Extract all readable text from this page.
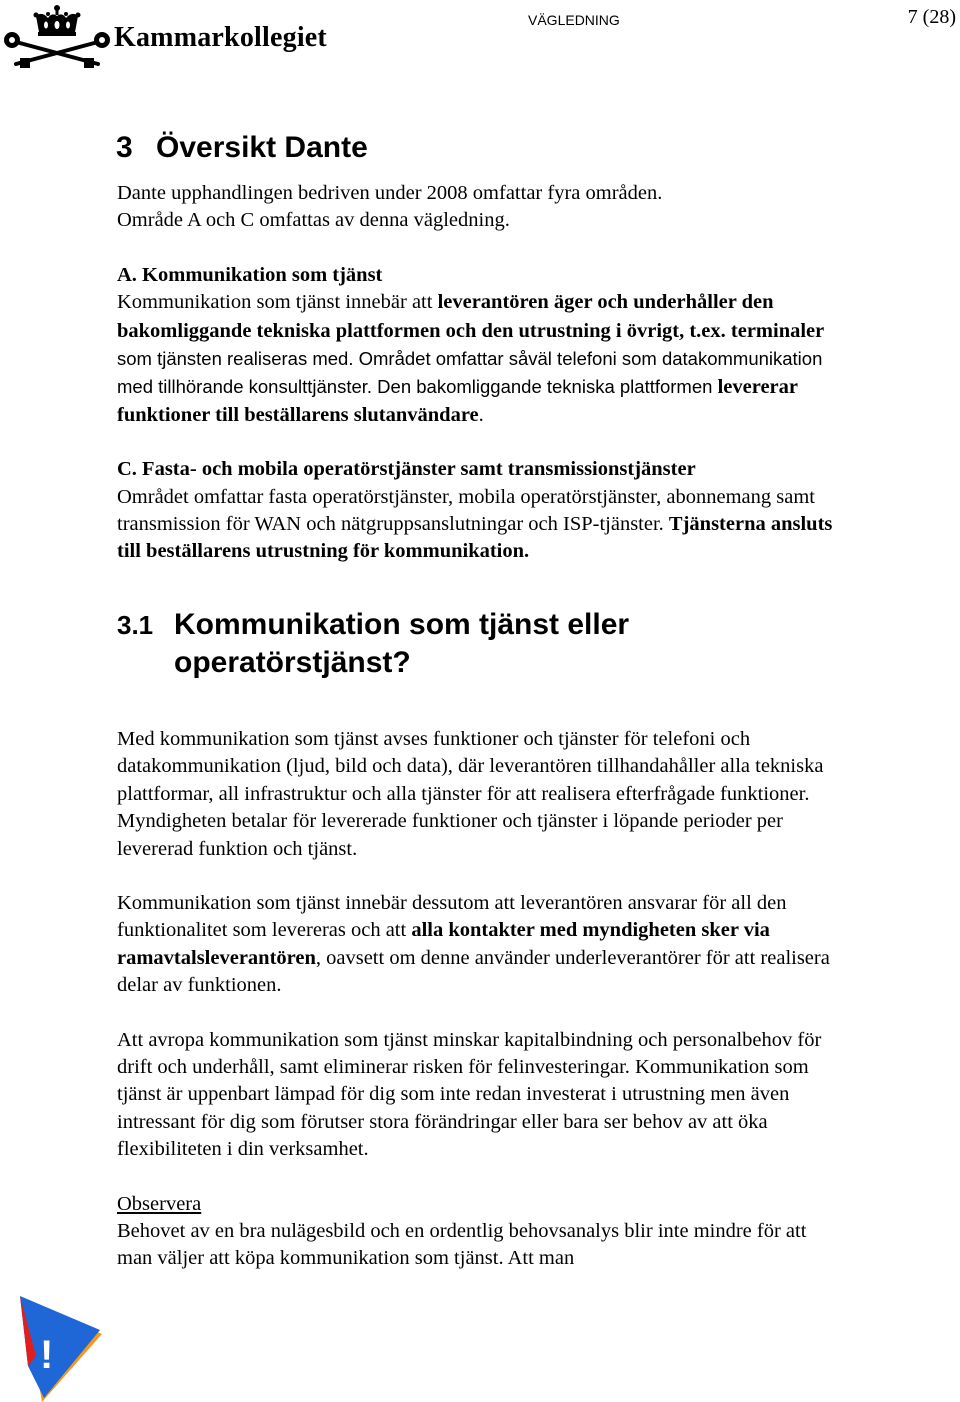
Kammarkollegiet
VÄGLEDNING	7 (28)
3 Översikt Dante

Dante upphandlingen bedriven under 2008 omfattar fyra områden.
Område A och C omfattas av denna vägledning.

A. Kommunikation som tjänst
Kommunikation som tjänst innebär att leverantören äger och underhåller den bakomliggande tekniska plattformen och den utrustning i övrigt, t.ex. terminaler som tjänsten realiseras med. Området omfattar såväl telefoni som datakommunikation med tillhörande konsulttjänster. Den bakomliggande tekniska plattformen levererar funktioner till beställarens slutanvändare.

C. Fasta- och mobila operatörstjänster samt transmissionstjänster
Området omfattar fasta operatörstjänster, mobila operatörstjänster, abonnemang samt transmission för WAN och nätgruppsanslutningar och ISP-tjänster. Tjänsterna ansluts till beställarens utrustning för kommunikation.

3.1 Kommunikation som tjänst eller
operatörstjänst?

Med kommunikation som tjänst avses funktioner och tjänster för telefoni och datakommunikation (ljud, bild och data), där leverantören tillhandahåller alla tekniska plattformar, all infrastruktur och alla tjänster för att realisera efterfrågade funktioner. Myndigheten betalar för levererade funktioner och tjänster i löpande perioder per levererad funktion och tjänst.

Kommunikation som tjänst innebär dessutom att leverantören ansvarar för all den funktionalitet som levereras och att alla kontakter med myndigheten sker via ramavtalsleverantören, oavsett om denne använder underleverantörer för att realisera delar av funktionen.

Att avropa kommunikation som tjänst minskar kapitalbindning och personalbehov för drift och underhåll, samt eliminerar risken för felinvesteringar. Kommunikation som tjänst är uppenbart lämpad för dig som inte redan investerat i utrustning men även intressant för dig som förutser stora förändringar eller bara ser behov av att öka flexibiliteten i din verksamhet.

Observera
Behovet av en bra nulägesbild och en ordentlig behovsanalys blir inte mindre för att man väljer att köpa kommunikation som tjänst. Att man

!
